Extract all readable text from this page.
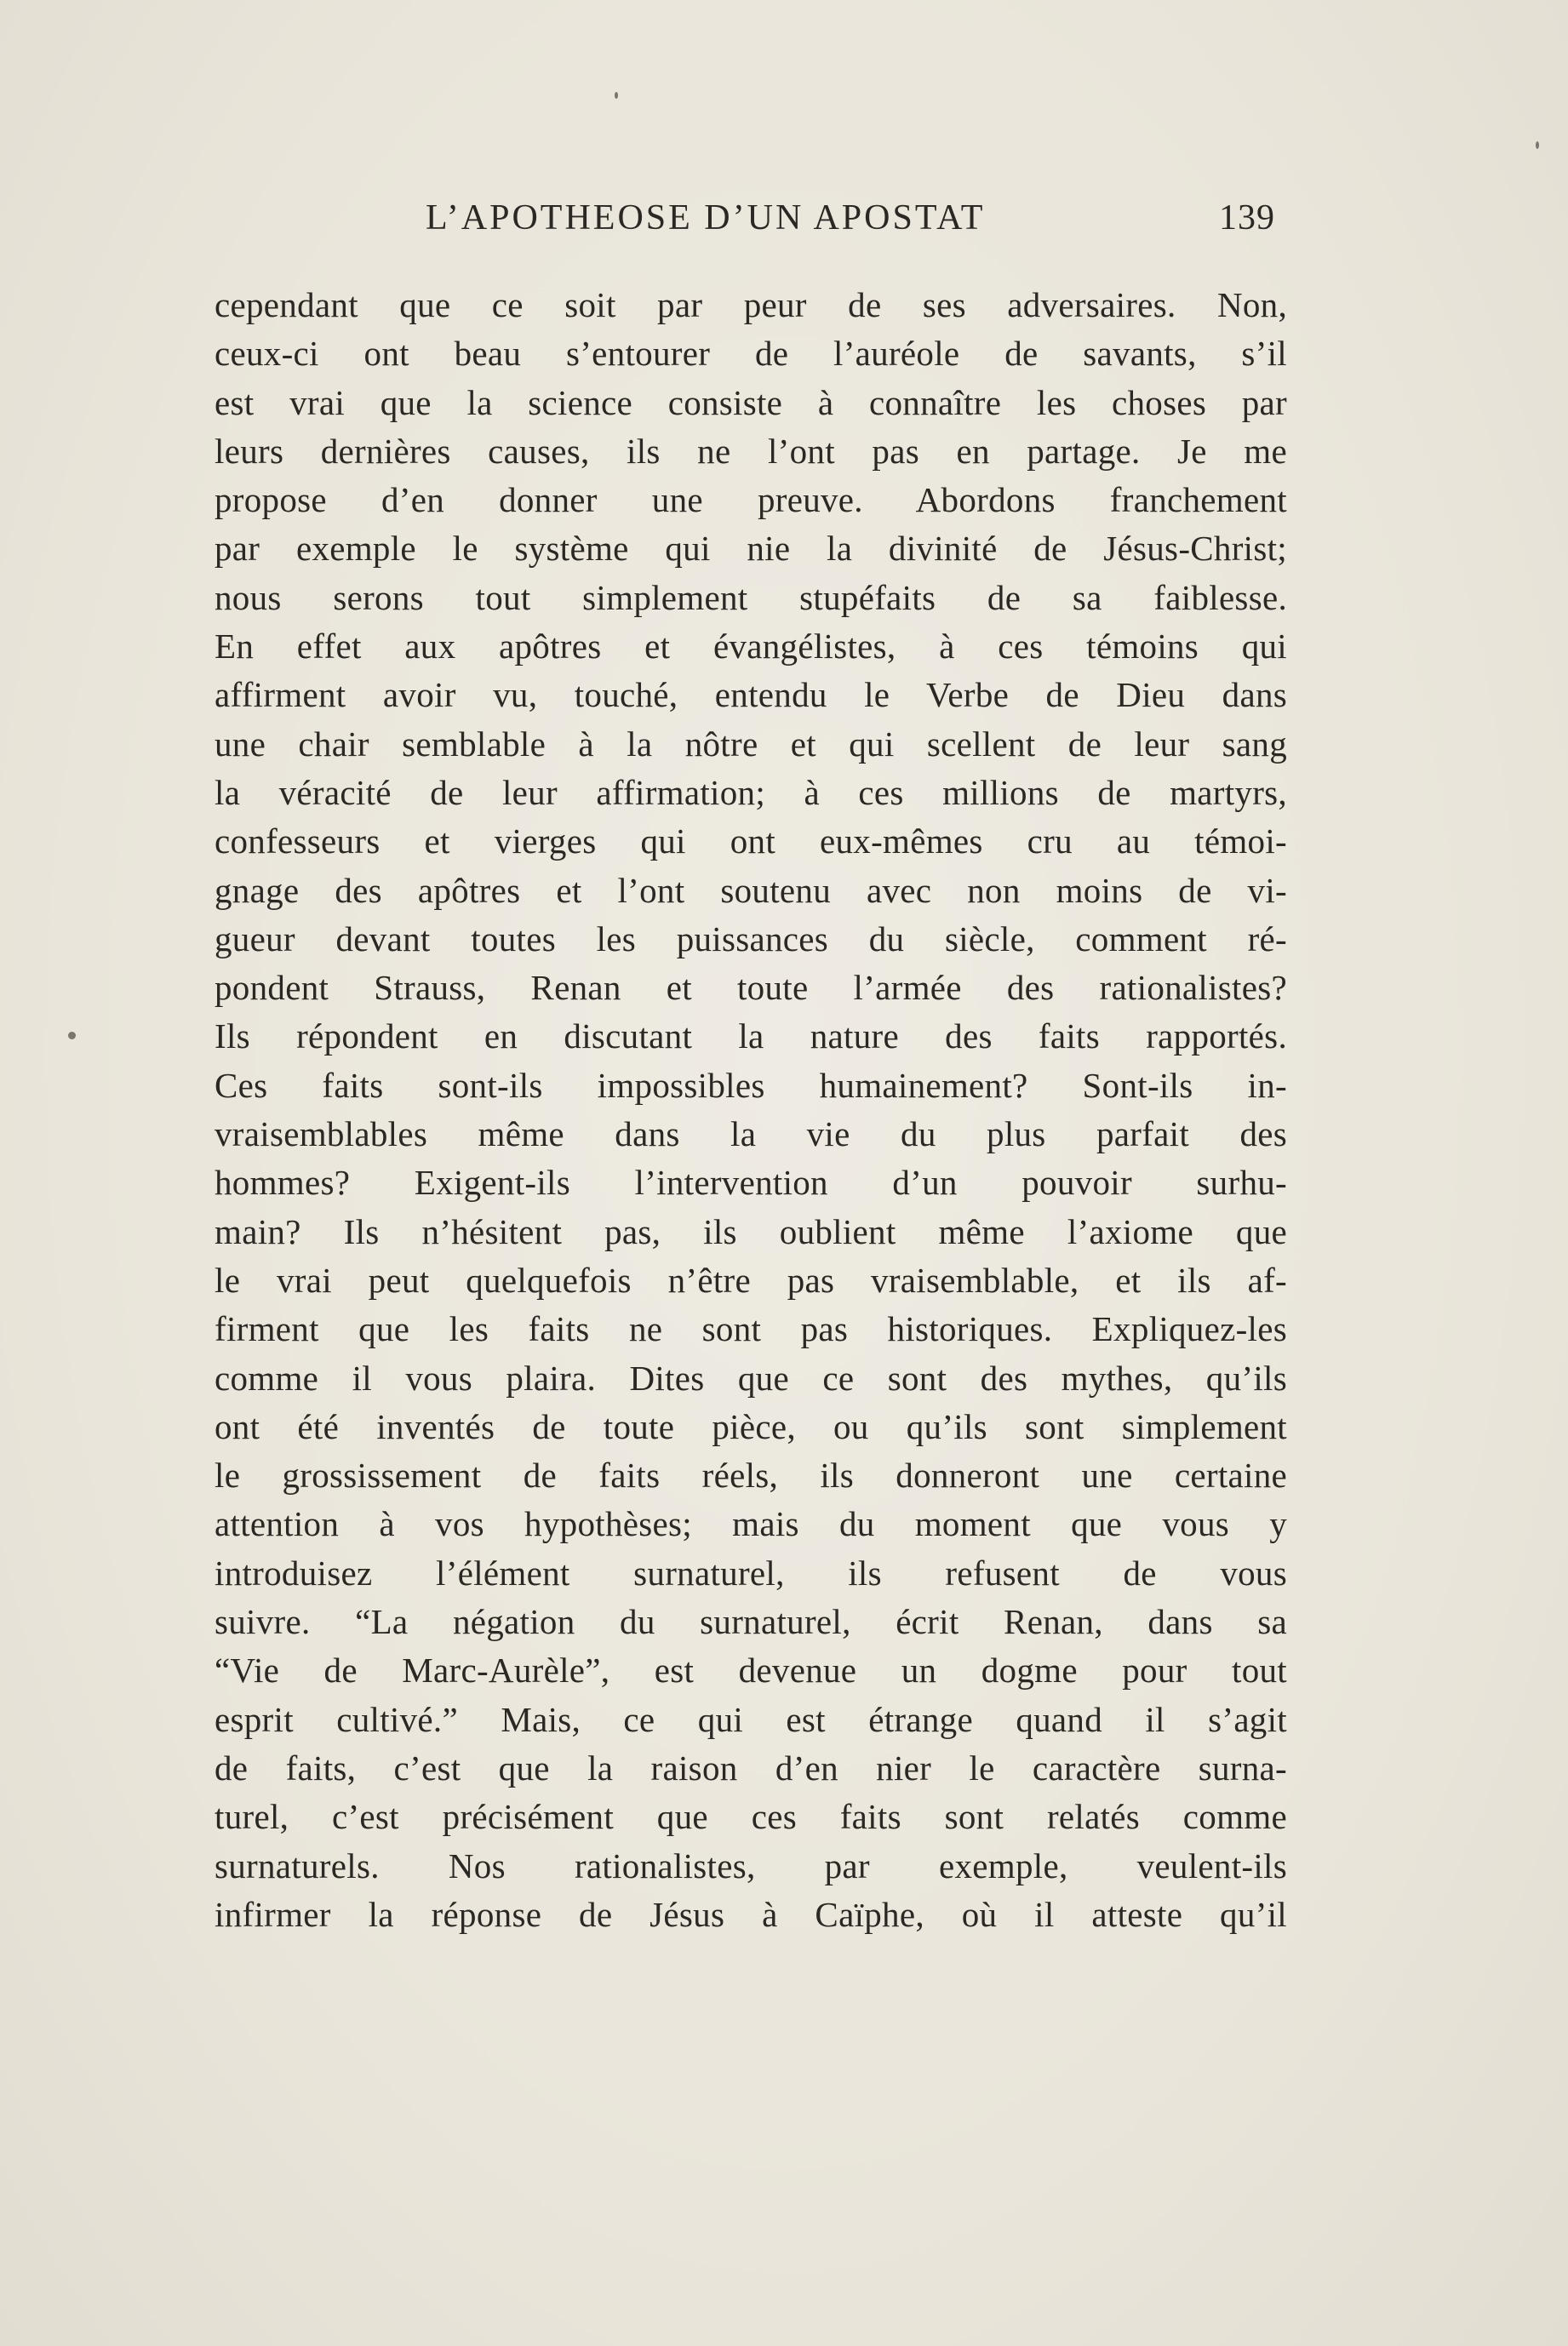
L’APOTHEOSE D’UN APOSTAT	139
cependant que ce soit par peur de ses adversaires. Non,
ceux-ci ont beau s’entourer de l’auréole de savants, s’il
est vrai que la science consiste à connaître les choses par
leurs dernières causes, ils ne l’ont pas en partage. Je me
propose d’en donner une preuve. Abordons franchement
par exemple le système qui nie la divinité de Jésus-Christ;
nous serons tout simplement stupéfaits de sa faiblesse.
En effet aux apôtres et évangélistes, à ces témoins qui
affirment avoir vu, touché, entendu le Verbe de Dieu dans
une chair semblable à la nôtre et qui scellent de leur sang
la véracité de leur affirmation; à ces millions de martyrs,
confesseurs et vierges qui ont eux-mêmes cru au témoi-
gnage des apôtres et l’ont soutenu avec non moins de vi-
gueur devant toutes les puissances du siècle, comment ré-
pondent Strauss, Renan et toute l’armée des rationalistes?
Ils répondent en discutant la nature des faits rapportés.
Ces faits sont-ils impossibles humainement? Sont-ils in-
vraisemblables même dans la vie du plus parfait des
hommes? Exigent-ils l’intervention d’un pouvoir surhu-
main? Ils n’hésitent pas, ils oublient même l’axiome que
le vrai peut quelquefois n’être pas vraisemblable, et ils af-
firment que les faits ne sont pas historiques. Expliquez-les
comme il vous plaira. Dites que ce sont des mythes, qu’ils
ont été inventés de toute pièce, ou qu’ils sont simplement
le grossissement de faits réels, ils donneront une certaine
attention à vos hypothèses; mais du moment que vous y
introduisez l’élément surnaturel, ils refusent de vous
suivre. “La négation du surnaturel, écrit Renan, dans sa
“Vie de Marc-Aurèle”, est devenue un dogme pour tout
esprit cultivé.” Mais, ce qui est étrange quand il s’agit
de faits, c’est que la raison d’en nier le caractère surna-
turel, c’est précisément que ces faits sont relatés comme
surnaturels. Nos rationalistes, par exemple, veulent-ils
infirmer la réponse de Jésus à Caïphe, où il atteste qu’il
